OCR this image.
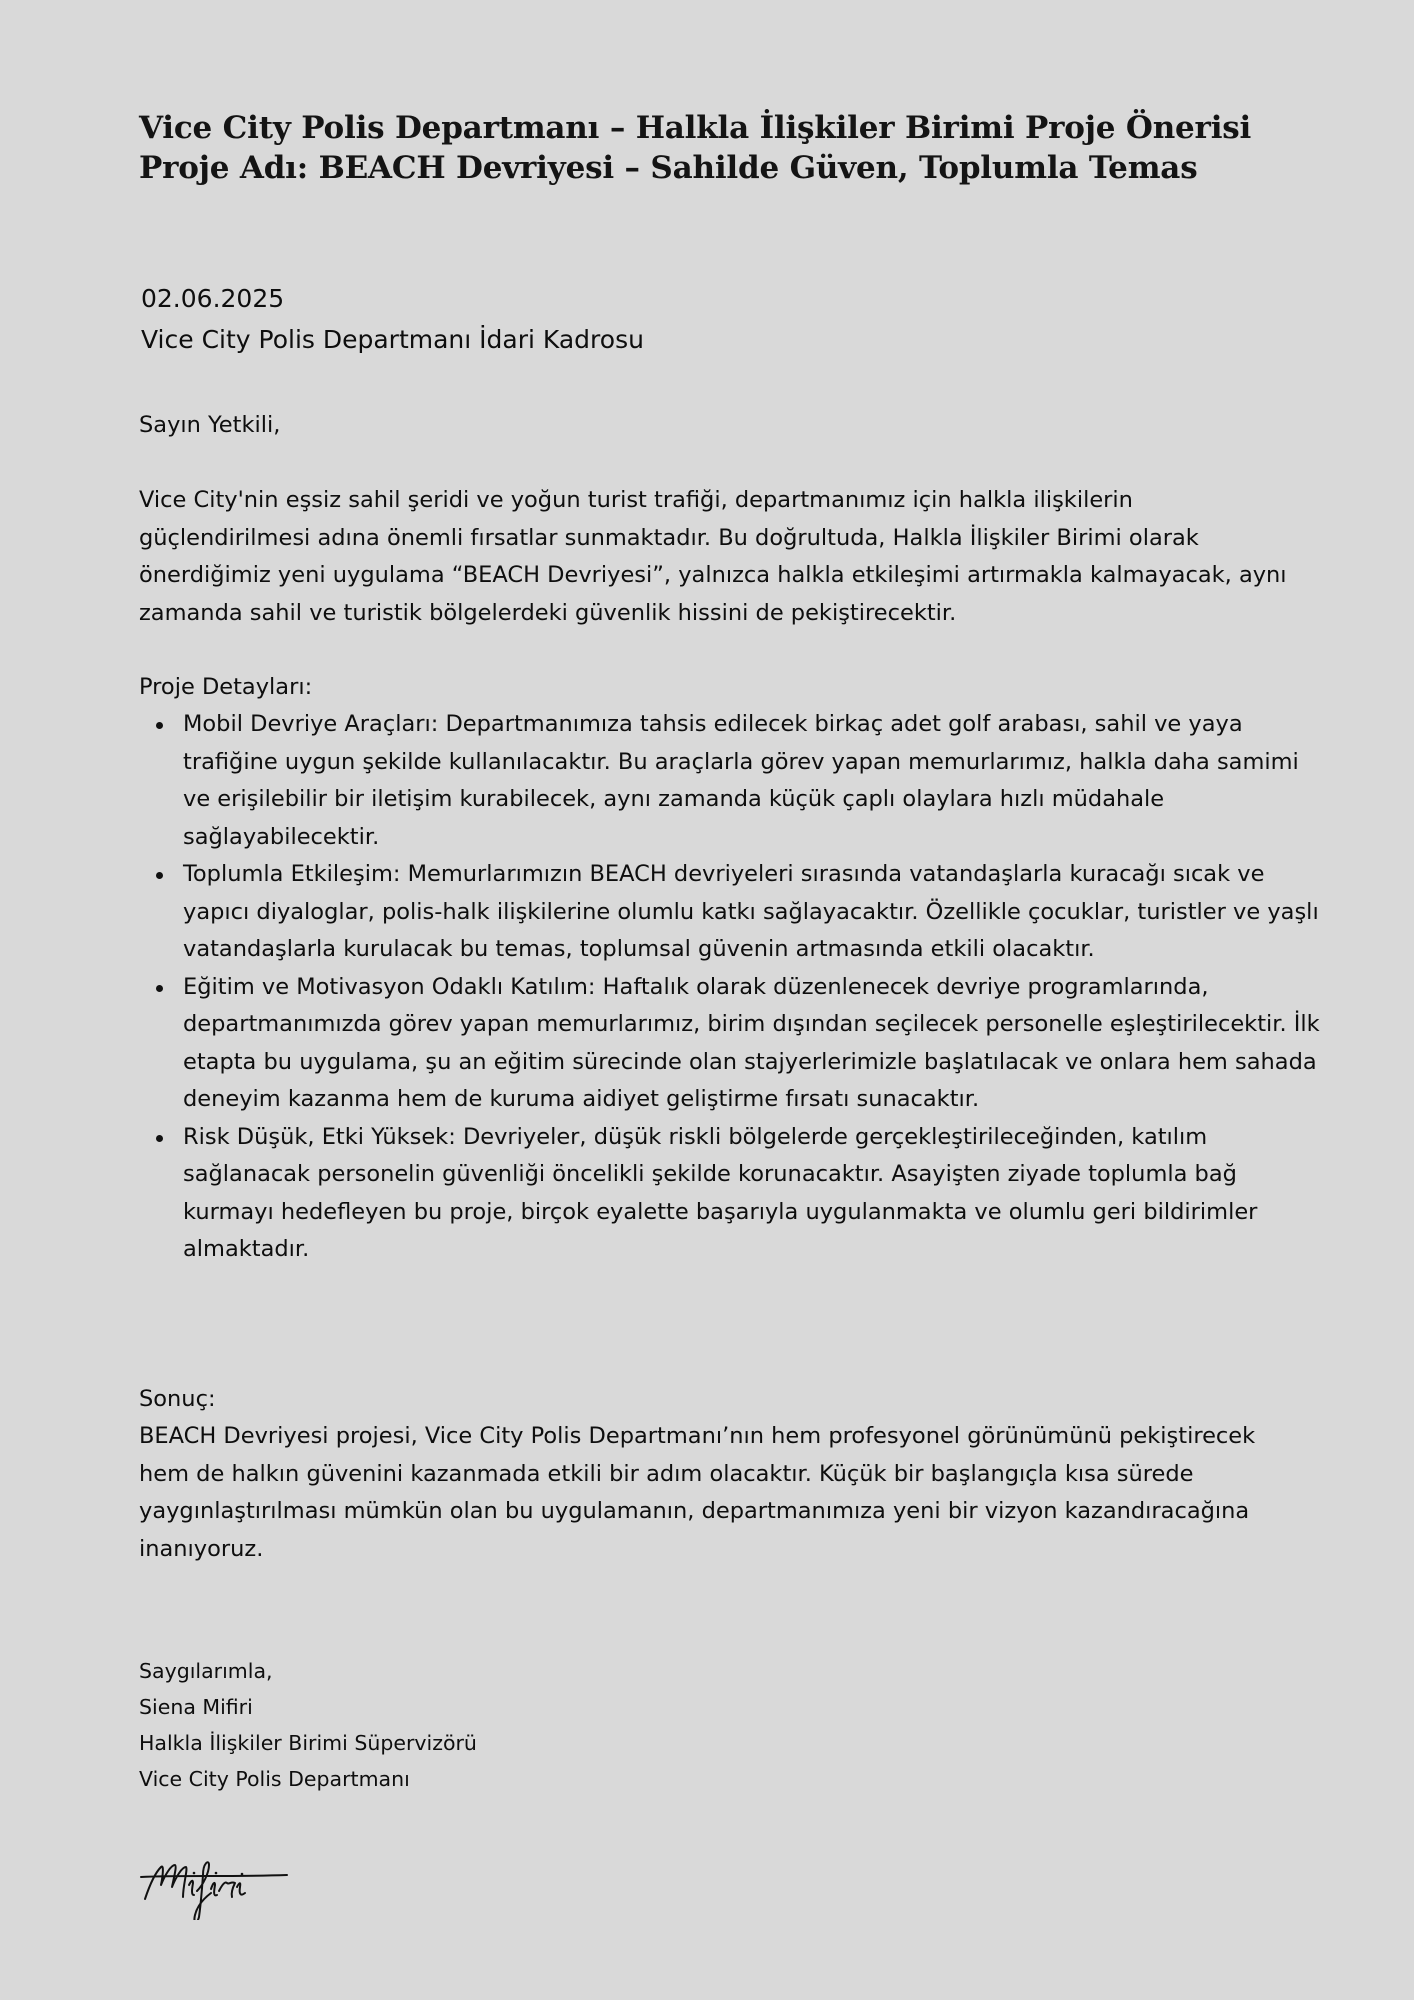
Vice City Polis Departmanı – Halkla İlişkiler Birimi Proje Önerisi
Proje Adı: BEACH Devriyesi – Sahilde Güven, Toplumla Temas
02.06.2025
Vice City Polis Departmanı İdari Kadrosu
Sayın Yetkili,

Vice City'nin eşsiz sahil şeridi ve yoğun turist trafiği, departmanımız için halkla ilişkilerin güçlendirilmesi adına önemli fırsatlar sunmaktadır. Bu doğrultuda, Halkla İlişkiler Birimi olarak önerdiğimiz yeni uygulama “BEACH Devriyesi”, yalnızca halkla etkileşimi artırmakla kalmayacak, aynı zamanda sahil ve turistik bölgelerdeki güvenlik hissini de pekiştirecektir.

Proje Detayları:
Mobil Devriye Araçları: Departmanımıza tahsis edilecek birkaç adet golf arabası, sahil ve yaya trafiğine uygun şekilde kullanılacaktır. Bu araçlarla görev yapan memurlarımız, halkla daha samimi ve erişilebilir bir iletişim kurabilecek, aynı zamanda küçük çaplı olaylara hızlı müdahale sağlayabilecektir.
Toplumla Etkileşim: Memurlarımızın BEACH devriyeleri sırasında vatandaşlarla kuracağı sıcak ve yapıcı diyaloglar, polis-halk ilişkilerine olumlu katkı sağlayacaktır. Özellikle çocuklar, turistler ve yaşlı vatandaşlarla kurulacak bu temas, toplumsal güvenin artmasında etkili olacaktır.
Eğitim ve Motivasyon Odaklı Katılım: Haftalık olarak düzenlenecek devriye programlarında, departmanımızda görev yapan memurlarımız, birim dışından seçilecek personelle eşleştirilecektir. İlk etapta bu uygulama, şu an eğitim sürecinde olan stajyerlerimizle başlatılacak ve onlara hem sahada deneyim kazanma hem de kuruma aidiyet geliştirme fırsatı sunacaktır.
Risk Düşük, Etki Yüksek: Devriyeler, düşük riskli bölgelerde gerçekleştirileceğinden, katılım sağlanacak personelin güvenliği öncelikli şekilde korunacaktır. Asayişten ziyade toplumla bağ kurmayı hedefleyen bu proje, birçok eyalette başarıyla uygulanmakta ve olumlu geri bildirimler almaktadır.
Sonuç:

BEACH Devriyesi projesi, Vice City Polis Departmanı’nın hem profesyonel görünümünü pekiştirecek hem de halkın güvenini kazanmada etkili bir adım olacaktır. Küçük bir başlangıçla kısa sürede yaygınlaştırılması mümkün olan bu uygulamanın, departmanımıza yeni bir vizyon kazandıracağına inanıyoruz.

Saygılarımla,
Siena Mifiri
Halkla İlişkiler Birimi Süpervizörü
Vice City Polis Departmanı
